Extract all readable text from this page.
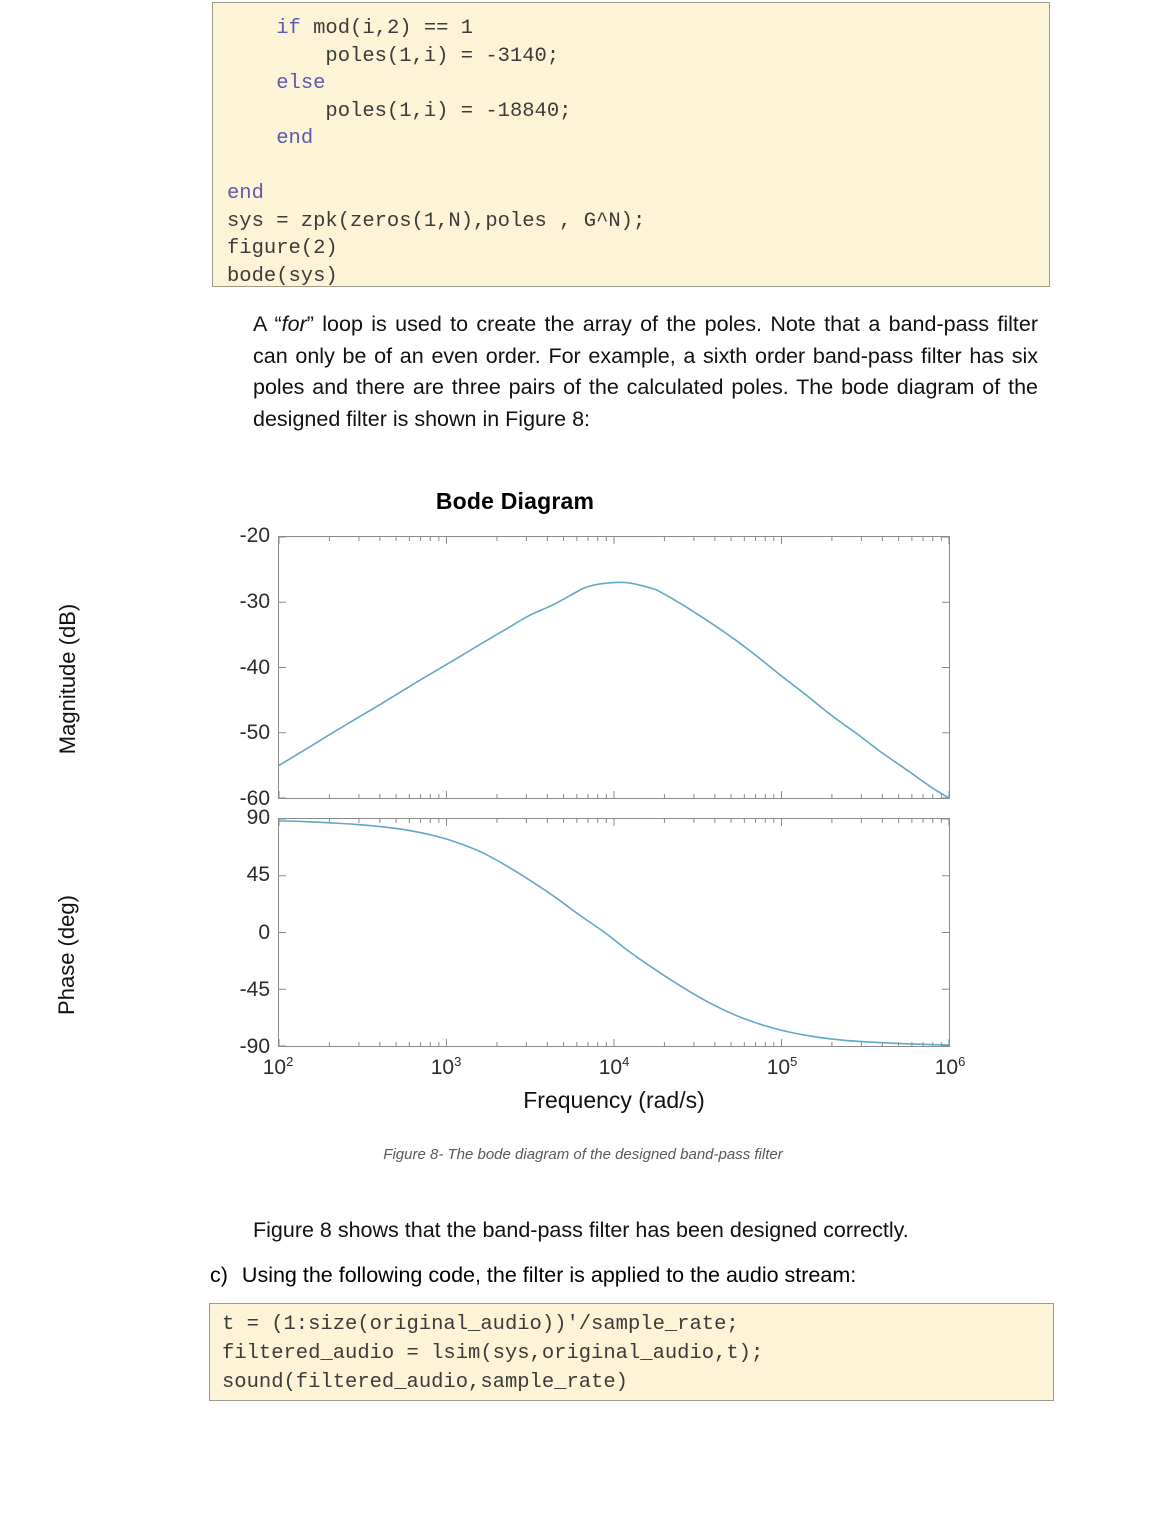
if mod(i,2) == 1
poles(1,i) = -3140;
else
poles(1,i) = -18840;
end

end
sys = zpk(zeros(1,N),poles , G^N);
figure(2)
bode(sys)
A “for” loop is used to create the array of the poles. Note that a band-pass filter can only be of an even order. For example, a sixth order band-pass filter has six poles and there are three pairs of the calculated poles. The bode diagram of the designed filter is shown in Figure 8:
Bode Diagram
Magnitude (dB)
Phase (deg)
Frequency (rad/s)
-20
-30
-40
-50
-60
90
45
0
-45
-90
$10^2$	$10^3$	$10^4$	$10^5$	$10^6$
Figure 8- The bode diagram of the designed band-pass filter
Figure 8 shows that the band-pass filter has been designed correctly.
c) Using the following code, the filter is applied to the audio stream:
t = (1:size(original_audio))'/sample_rate;
filtered_audio = lsim(sys,original_audio,t);
sound(filtered_audio,sample_rate)
